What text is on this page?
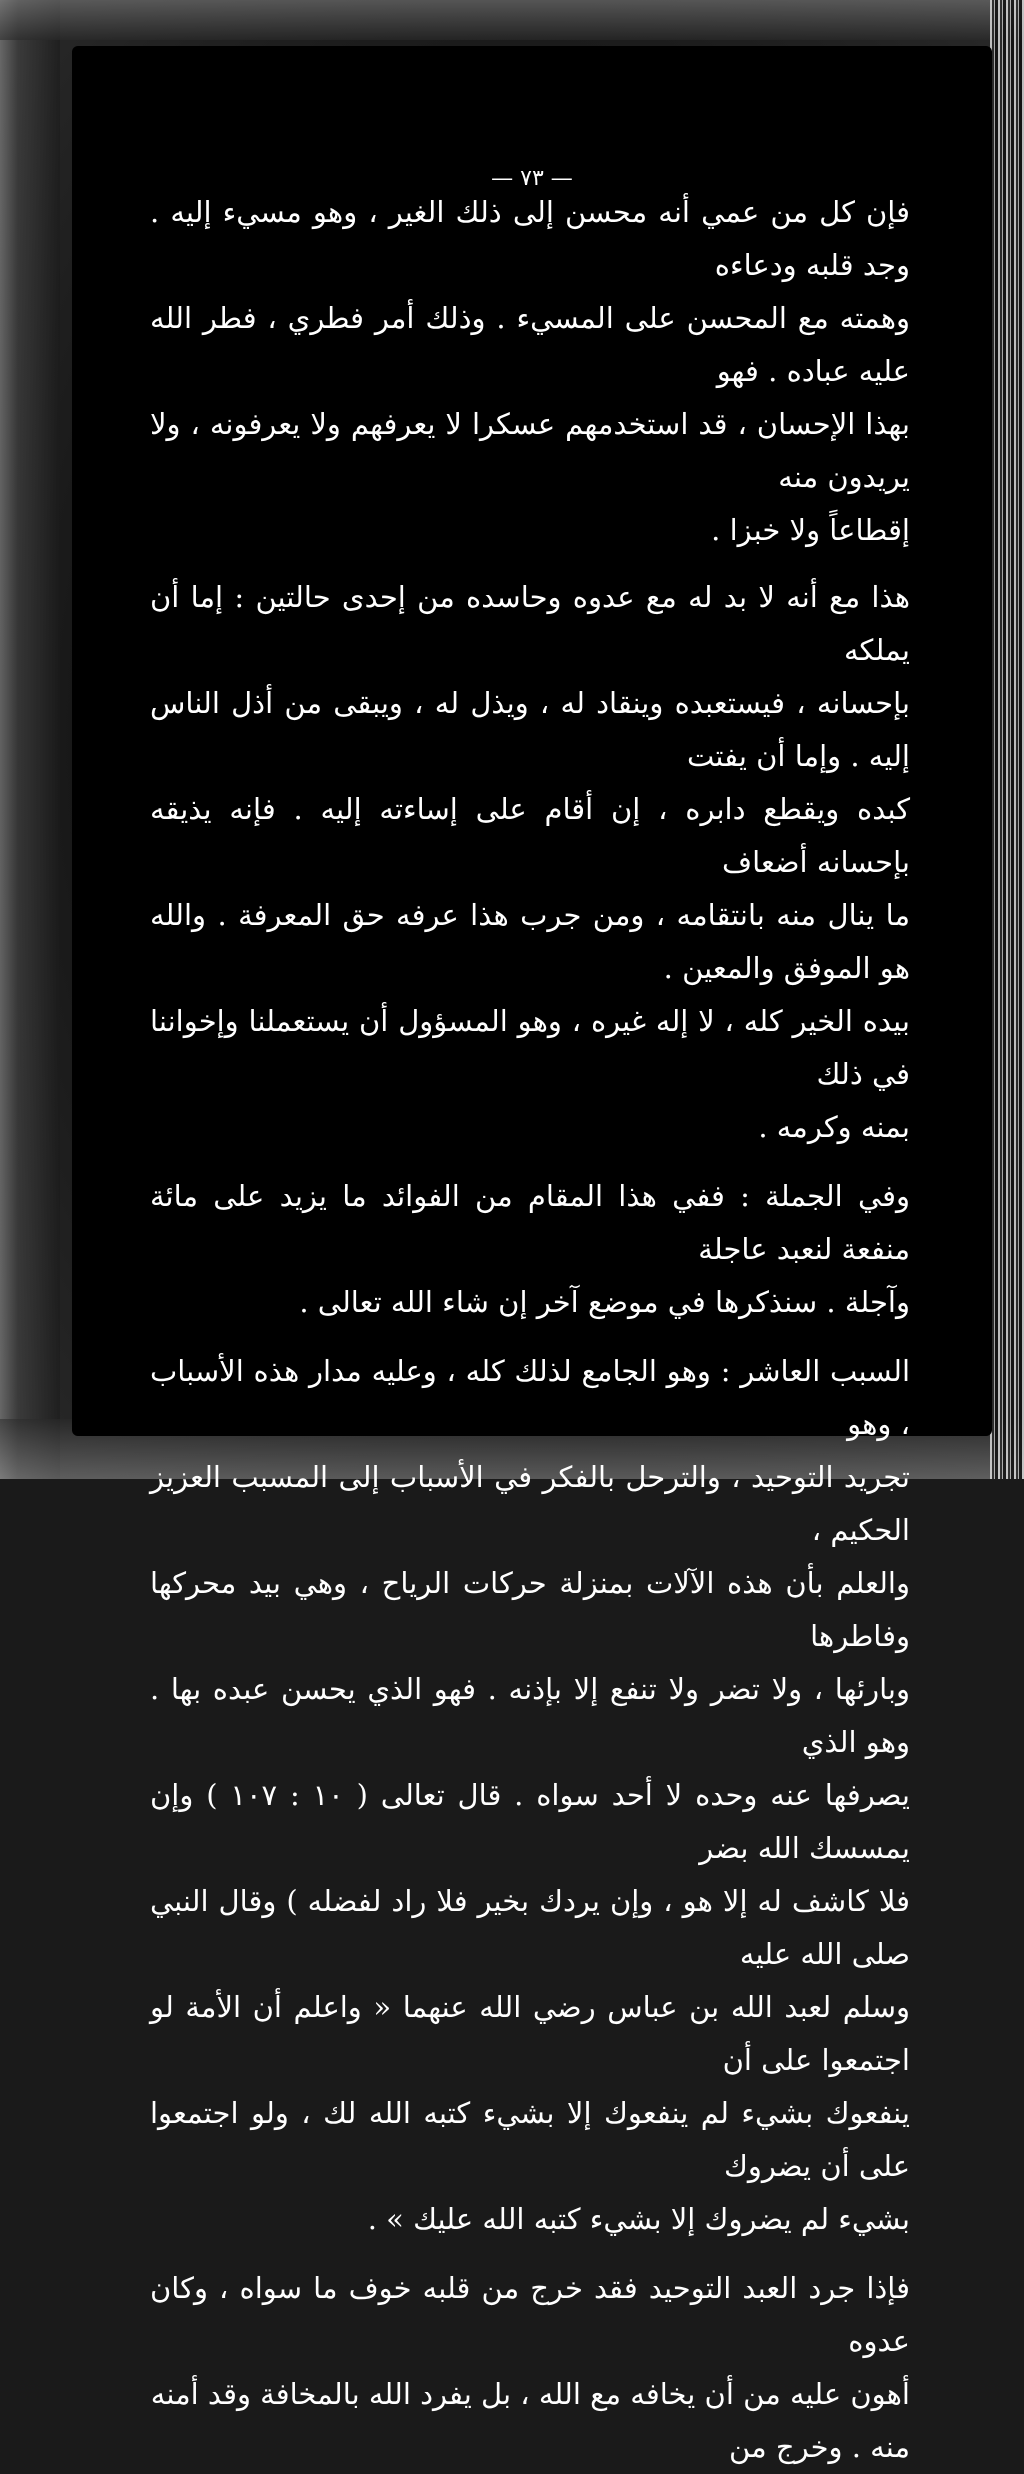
— ٧٣ —
فإن كل من عمي أنه محسن إلى ذلك الغير ، وهو مسيء إليه . وجد قلبه ودعاءه
وهمته مع المحسن على المسيء . وذلك أمر فطري ، فطر الله عليه عباده . فهو
بهذا الإحسان ، قد استخدمهم عسكرا لا يعرفهم ولا يعرفونه ، ولا يريدون منه
إقطاعاً ولا خبزا .
هذا مع أنه لا بد له مع عدوه وحاسده من إحدى حالتين : إما أن يملكه
بإحسانه ، فيستعبده وينقاد له ، ويذل له ، ويبقى من أذل الناس إليه . وإما أن يفتت
كبده ويقطع دابره ، إن أقام على إساءته إليه . فإنه يذيقه بإحسانه أضعاف
ما ينال منه بانتقامه ، ومن جرب هذا عرفه حق المعرفة . والله هو الموفق والمعين .
بيده الخير كله ، لا إله غيره ، وهو المسؤول أن يستعملنا وإخواننا في ذلك
بمنه وكرمه .
وفي الجملة : ففي هذا المقام من الفوائد ما يزيد على مائة منفعة لنعبد عاجلة
وآجلة . سنذكرها في موضع آخر إن شاء الله تعالى .
السبب العاشر : وهو الجامع لذلك كله ، وعليه مدار هذه الأسباب ، وهو
تجريد التوحيد ، والترحل بالفكر في الأسباب إلى المسبب العزيز الحكيم ،
والعلم بأن هذه الآلات بمنزلة حركات الرياح ، وهي بيد محركها وفاطرها
وبارئها ، ولا تضر ولا تنفع إلا بإذنه . فهو الذي يحسن عبده بها . وهو الذي
يصرفها عنه وحده لا أحد سواه . قال تعالى ( ١٠ : ١٠٧ ) وإن يمسسك الله بضر
فلا كاشف له إلا هو ، وإن يردك بخير فلا راد لفضله ) وقال النبي صلى الله عليه
وسلم لعبد الله بن عباس رضي الله عنهما « واعلم أن الأمة لو اجتمعوا على أن
ينفعوك بشيء لم ينفعوك إلا بشيء كتبه الله لك ، ولو اجتمعوا على أن يضروك
بشيء لم يضروك إلا بشيء كتبه الله عليك » .
فإذا جرد العبد التوحيد فقد خرج من قلبه خوف ما سواه ، وكان عدوه
أهون عليه من أن يخافه مع الله ، بل يفرد الله بالمخافة وقد أمنه منه . وخرج من
